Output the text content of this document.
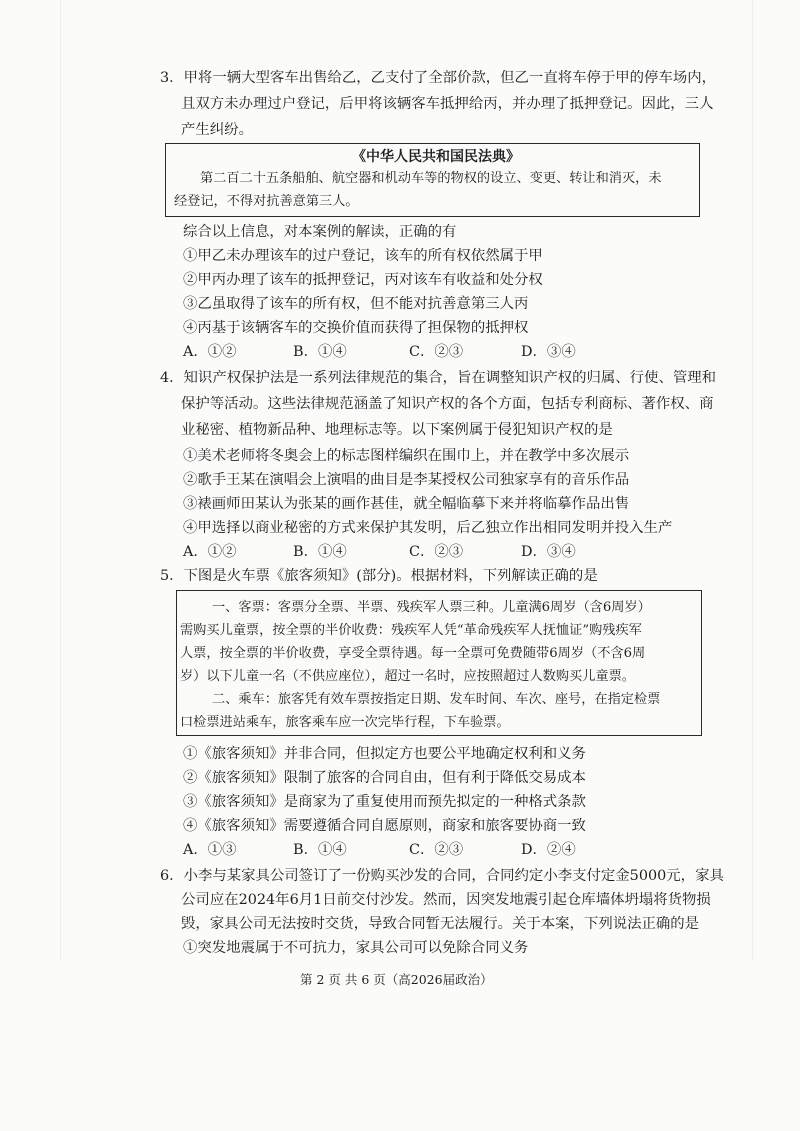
3．甲将一辆大型客车出售给乙，乙支付了全部价款，但乙一直将车停于甲的停车场内，
且双方未办理过户登记，后甲将该辆客车抵押给丙，并办理了抵押登记。因此，三人
产生纠纷。
《中华人民共和国民法典》
第二百二十五条船舶、航空器和机动车等的物权的设立、变更、转让和消灭，未
经登记，不得对抗善意第三人。
综合以上信息，对本案例的解读，正确的有
①甲乙未办理该车的过户登记，该车的所有权依然属于甲
②甲丙办理了该车的抵押登记，丙对该车有收益和处分权
③乙虽取得了该车的所有权，但不能对抗善意第三人丙
④丙基于该辆客车的交换价值而获得了担保物的抵押权
A．①②	B．①④	C．②③	D．③④
4．知识产权保护法是一系列法律规范的集合，旨在调整知识产权的归属、行使、管理和
保护等活动。这些法律规范涵盖了知识产权的各个方面，包括专利商标、著作权、商
业秘密、植物新品种、地理标志等。以下案例属于侵犯知识产权的是
①美术老师将冬奥会上的标志图样编织在围巾上，并在教学中多次展示
②歌手王某在演唱会上演唱的曲目是李某授权公司独家享有的音乐作品
③裱画师田某认为张某的画作甚佳，就全幅临摹下来并将临摹作品出售
④甲选择以商业秘密的方式来保护其发明，后乙独立作出相同发明并投入生产
A．①②	B．①④	C．②③	D．③④
5．下图是火车票《旅客须知》(部分)。根据材料，下列解读正确的是
一、客票：客票分全票、半票、残疾军人票三种。儿童满6周岁（含6周岁）
需购买儿童票，按全票的半价收费：残疾军人凭“革命残疾军人抚恤证”购残疾军
人票，按全票的半价收费，享受全票待遇。每一全票可免费随带6周岁（不含6周
岁）以下儿童一名（不供应座位），超过一名时，应按照超过人数购买儿童票。
二、乘车：旅客凭有效车票按指定日期、发车时间、车次、座号，在指定检票
口检票进站乘车，旅客乘车应一次完毕行程，下车验票。
①《旅客须知》并非合同，但拟定方也要公平地确定权利和义务
②《旅客须知》限制了旅客的合同自由，但有利于降低交易成本
③《旅客须知》是商家为了重复使用而预先拟定的一种格式条款
④《旅客须知》需要遵循合同自愿原则，商家和旅客要协商一致
A．①③	B．①④	C．②③	D．②④
6．小李与某家具公司签订了一份购买沙发的合同，合同约定小李支付定金5000元，家具
公司应在2024年6月1日前交付沙发。然而，因突发地震引起仓库墙体坍塌将货物损
毁，家具公司无法按时交货，导致合同暂无法履行。关于本案，下列说法正确的是
①突发地震属于不可抗力，家具公司可以免除合同义务
第 2 页 共 6 页（高2026届政治）
